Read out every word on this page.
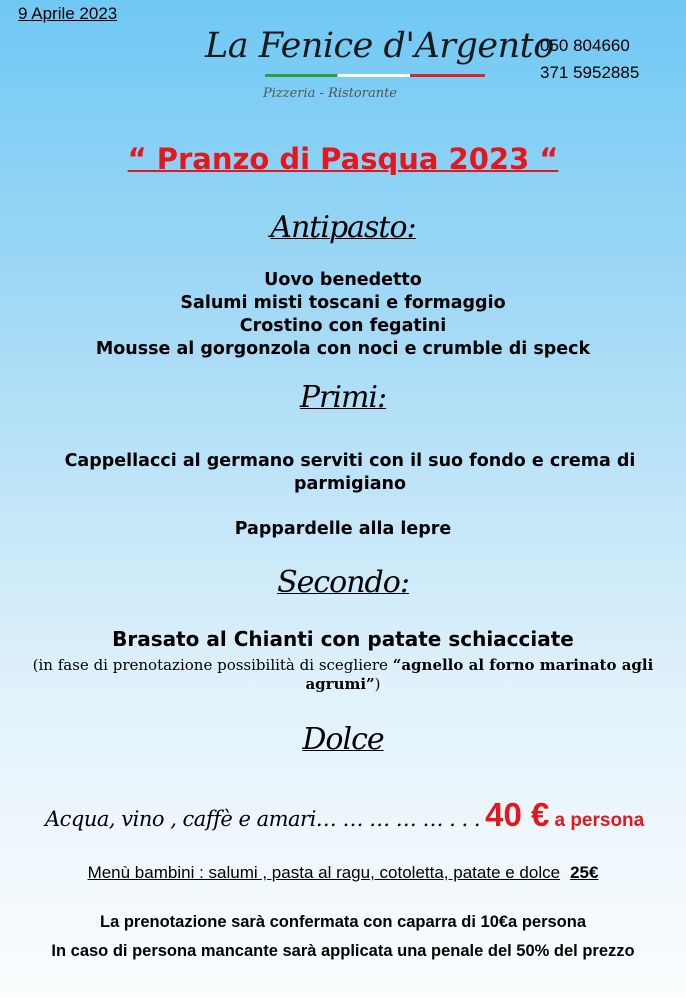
9 Aprile 2023
La Fenice d'Argento
Pizzeria - Ristorante
050 804660
371 5952885
“ Pranzo di Pasqua 2023 “
Antipasto:
Uovo benedetto
Salumi misti toscani e formaggio
Crostino con fegatini
Mousse al gorgonzola con noci e crumble di speck
Primi:
Cappellacci al germano serviti con il suo fondo e crema di parmigiano
Pappardelle alla lepre
Secondo:
Brasato al Chianti con patate schiacciate
(in fase di prenotazione possibilità di scegliere “agnello al forno marinato agli agrumi”)
Dolce
Acqua, vino , caffè e amari… … … … … . . . 40 € a persona
Menù bambini : salumi , pasta al ragu, cotoletta, patate e dolce 25€
La prenotazione sarà confermata con caparra di 10€a persona
In caso di persona mancante sarà applicata una penale del 50% del prezzo
